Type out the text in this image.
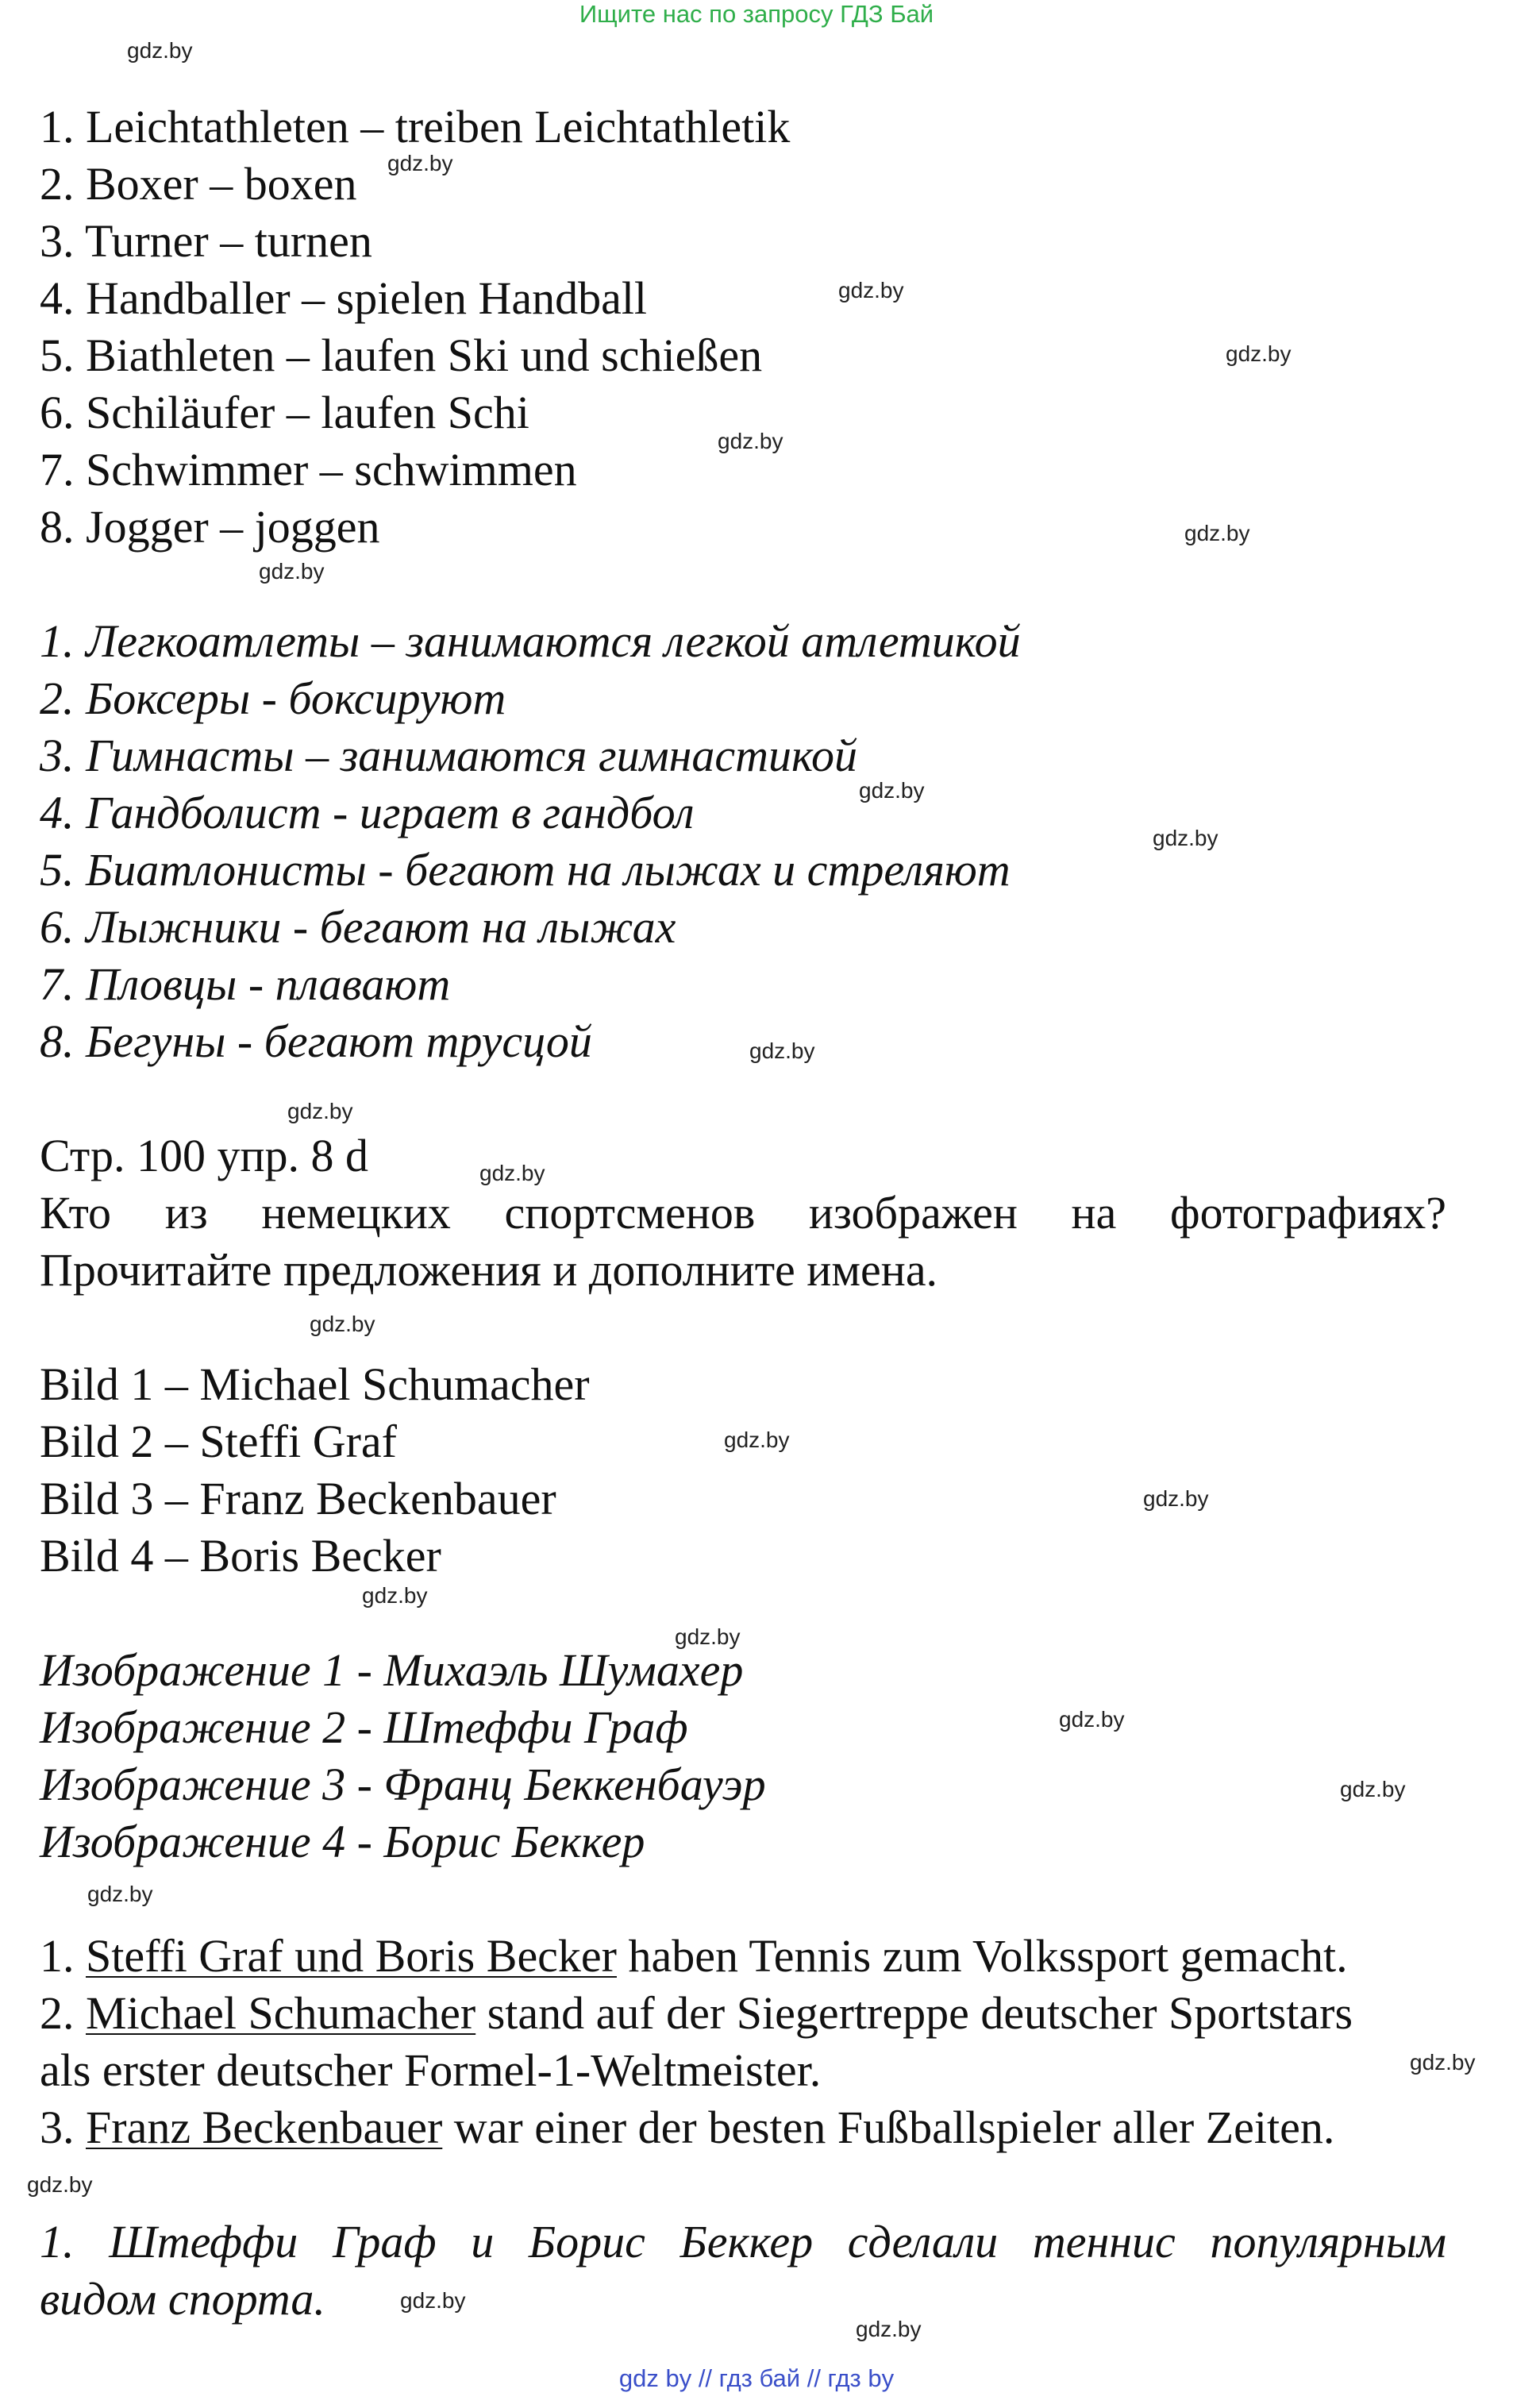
Ищите нас по запросу ГДЗ Бай
gdz.by
gdz.by
gdz.by
gdz.by
gdz.by
gdz.by
gdz.by
gdz.by
gdz.by
gdz.by
gdz.by
gdz.by
gdz.by
gdz.by
gdz.by
gdz.by
gdz.by
gdz.by
gdz.by
gdz.by
gdz.by
gdz.by
gdz.by
gdz.by
1. Leichtathleten – treiben Leichtathletik
2. Boxer – boxen
3. Turner – turnen
4. Handballer – spielen Handball
5. Biathleten – laufen Ski und schießen
6. Schiläufer – laufen Schi
7. Schwimmer – schwimmen
8. Jogger – joggen
1. Легкоатлеты – занимаются легкой атлетикой
2. Боксеры - боксируют
3. Гимнасты – занимаются гимнастикой
4. Гандболист - играет в гандбол
5. Биатлонисты - бегают на лыжах и стреляют
6. Лыжники - бегают на лыжах
7. Пловцы - плавают
8. Бегуны - бегают трусцой
Стр. 100 упр. 8 d
Кто из немецких спортсменов изображен на фотографиях?
Прочитайте предложения и дополните имена.
Bild 1 – Michael Schumacher
Bild 2 – Steffi Graf
Bild 3 – Franz Beckenbauer
Bild 4 – Boris Becker
Изображение 1 - Михаэль Шумахер
Изображение 2 - Штеффи Граф
Изображение 3 - Франц Беккенбауэр
Изображение 4 - Борис Беккер
1. Steffi Graf und Boris Becker haben Tennis zum Volkssport gemacht.
2. Michael Schumacher stand auf der Siegertreppe deutscher Sportstars
als erster deutscher Formel-1-Weltmeister.
3. Franz Beckenbauer war einer der besten Fußballspieler aller Zeiten.
1. Штеффи Граф и Борис Беккер сделали теннис популярным
видом спорта.
gdz by // гдз бай // гдз by
